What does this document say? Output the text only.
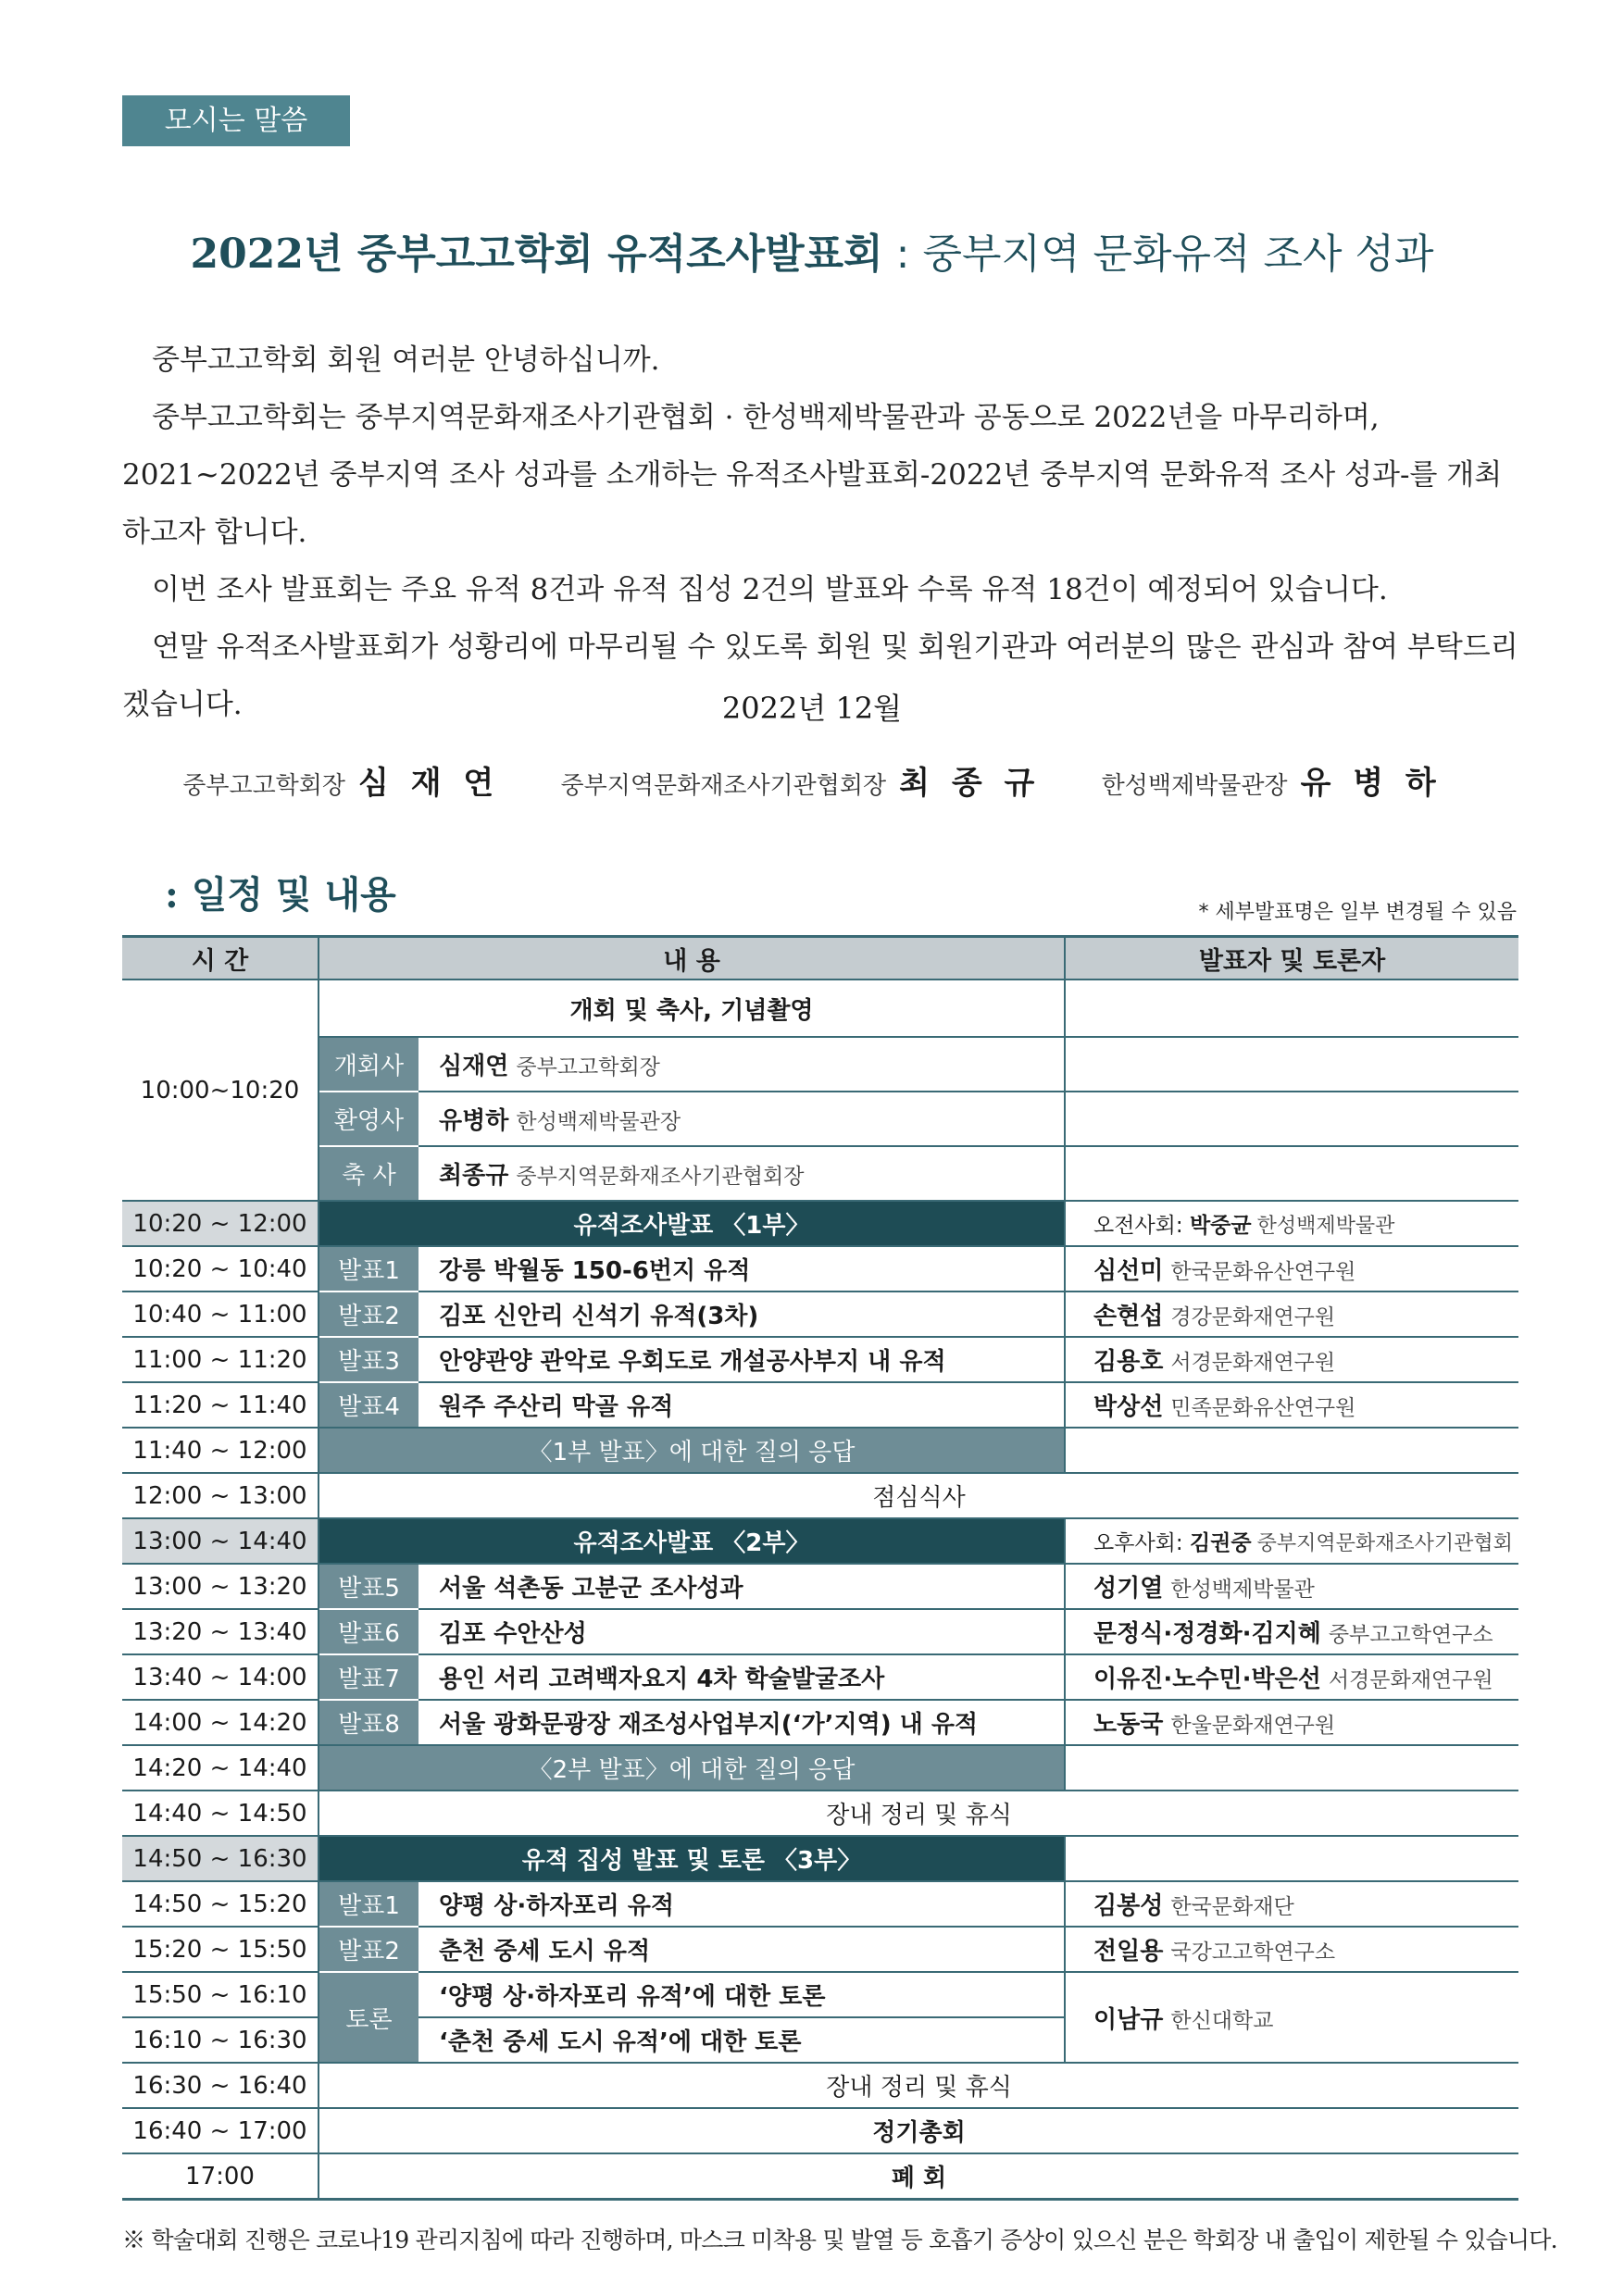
모시는 말씀
2022년 중부고고학회 유적조사발표회 : 중부지역 문화유적 조사 성과

중부고고학회 회원 여러분 안녕하십니까.

중부고고학회는 중부지역문화재조사기관협회 · 한성백제박물관과 공동으로 2022년을 마무리하며, 2021~2022년 중부지역 조사 성과를 소개하는 유적조사발표회-2022년 중부지역 문화유적 조사 성과-를 개최하고자 합니다.

이번 조사 발표회는 주요 유적 8건과 유적 집성 2건의 발표와 수록 유적 18건이 예정되어 있습니다.

연말 유적조사발표회가 성황리에 마무리될 수 있도록 회원 및 회원기관과 여러분의 많은 관심과 참여 부탁드리겠습니다.	2022년 12월
중부고고학회장 심 재 연	중부지역문화재조사기관협회장 최 종 규	한성백제박물관장 유 병 하
: 일정 및 내용	* 세부발표명은 일부 변경될 수 있음
시 간	내 용		발표자 및 토론자
10:00~10:20	개회 및 축사, 기념촬영		
	개회사	심재연 중부고고학회장	
	환영사	유병하 한성백제박물관장	
	축 사	최종규 중부지역문화재조사기관협회장	
10:20 ~ 12:00	유적조사발표 〈1부〉		오전사회: 박중균 한성백제박물관
10:20 ~ 10:40	발표1	강릉 박월동 150-6번지 유적	심선미 한국문화유산연구원
10:40 ~ 11:00	발표2	김포 신안리 신석기 유적(3차)	손현섭 경강문화재연구원
11:00 ~ 11:20	발표3	안양관양 관악로 우회도로 개설공사부지 내 유적	김용호 서경문화재연구원
11:20 ~ 11:40	발표4	원주 주산리 막골 유적	박상선 민족문화유산연구원
11:40 ~ 12:00	〈1부 발표〉에 대한 질의 응답		
12:00 ~ 13:00	점심식사		
13:00 ~ 14:40	유적조사발표 〈2부〉		오후사회: 김권중 중부지역문화재조사기관협회
13:00 ~ 13:20	발표5	서울 석촌동 고분군 조사성과	성기열 한성백제박물관
13:20 ~ 13:40	발표6	김포 수안산성	문정식·정경화·김지혜 중부고고학연구소
13:40 ~ 14:00	발표7	용인 서리 고려백자요지 4차 학술발굴조사	이유진·노수민·박은선 서경문화재연구원
14:00 ~ 14:20	발표8	서울 광화문광장 재조성사업부지(‘가’지역) 내 유적	노동국 한울문화재연구원
14:20 ~ 14:40	〈2부 발표〉에 대한 질의 응답		
14:40 ~ 14:50	장내 정리 및 휴식		
14:50 ~ 16:30	유적 집성 발표 및 토론 〈3부〉		
14:50 ~ 15:20	발표1	양평 상·하자포리 유적	김봉성 한국문화재단
15:20 ~ 15:50	발표2	춘천 중세 도시 유적	전일용 국강고고학연구소
15:50 ~ 16:10	토론	‘양평 상·하자포리 유적’에 대한 토론	이남규 한신대학교
16:10 ~ 16:30		‘춘천 중세 도시 유적’에 대한 토론	
16:30 ~ 16:40	장내 정리 및 휴식		
16:40 ~ 17:00	정기총회		
17:00	폐 회		
※ 학술대회 진행은 코로나19 관리지침에 따라 진행하며, 마스크 미착용 및 발열 등 호흡기 증상이 있으신 분은 학회장 내 출입이 제한될 수 있습니다.
